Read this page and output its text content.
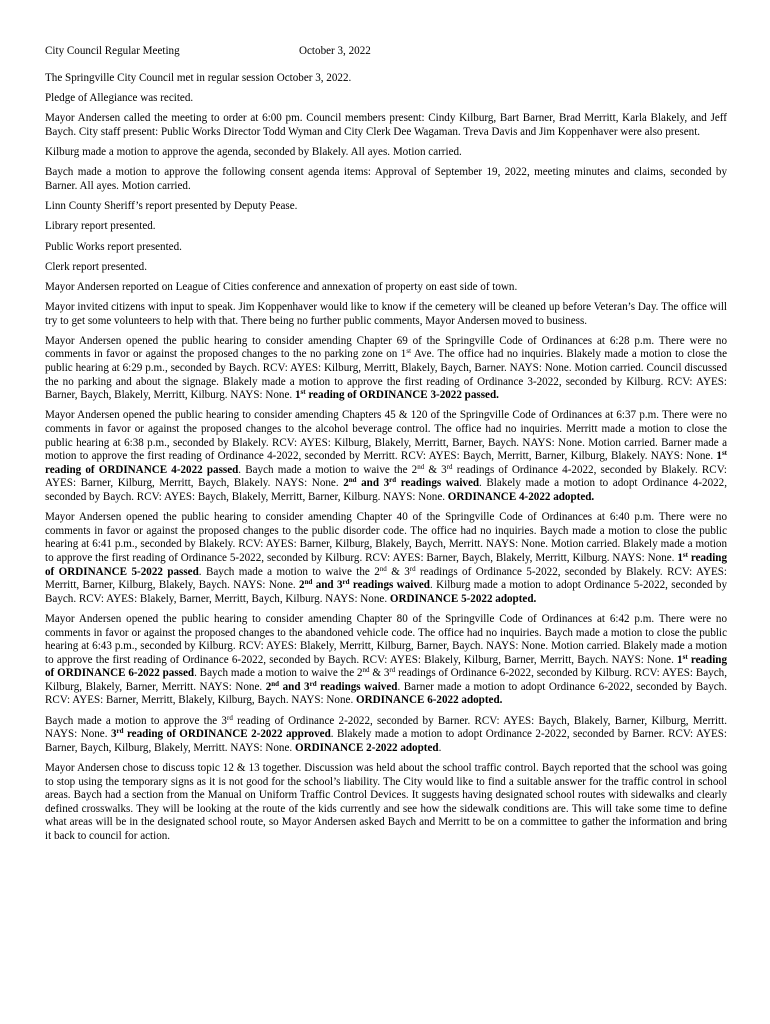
City Council Regular Meeting	October 3, 2022

The Springville City Council met in regular session October 3, 2022.

Pledge of Allegiance was recited.

Mayor Andersen called the meeting to order at 6:00 pm. Council members present: Cindy Kilburg, Bart Barner, Brad Merritt, Karla Blakely, and Jeff Baych. City staff present: Public Works Director Todd Wyman and City Clerk Dee Wagaman. Treva Davis and Jim Koppenhaver were also present.

Kilburg made a motion to approve the agenda, seconded by Blakely. All ayes. Motion carried.

Baych made a motion to approve the following consent agenda items: Approval of September 19, 2022, meeting minutes and claims, seconded by Barner. All ayes. Motion carried.

Linn County Sheriff’s report presented by Deputy Pease.

Library report presented.

Public Works report presented.

Clerk report presented.

Mayor Andersen reported on League of Cities conference and annexation of property on east side of town.

Mayor invited citizens with input to speak. Jim Koppenhaver would like to know if the cemetery will be cleaned up before Veteran’s Day. The office will try to get some volunteers to help with that. There being no further public comments, Mayor Andersen moved to business.

Mayor Andersen opened the public hearing to consider amending Chapter 69 of the Springville Code of Ordinances at 6:28 p.m. There were no comments in favor or against the proposed changes to the no parking zone on 1st Ave. The office had no inquiries. Blakely made a motion to close the public hearing at 6:29 p.m., seconded by Baych. RCV: AYES: Kilburg, Merritt, Blakely, Baych, Barner. NAYS: None. Motion carried. Council discussed the no parking and about the signage. Blakely made a motion to approve the first reading of Ordinance 3-2022, seconded by Kilburg. RCV: AYES: Barner, Baych, Blakely, Merritt, Kilburg. NAYS: None. 1st reading of ORDINANCE 3-2022 passed.

Mayor Andersen opened the public hearing to consider amending Chapters 45 & 120 of the Springville Code of Ordinances at 6:37 p.m. There were no comments in favor or against the proposed changes to the alcohol beverage control. The office had no inquiries. Merritt made a motion to close the public hearing at 6:38 p.m., seconded by Blakely. RCV: AYES: Kilburg, Blakely, Merritt, Barner, Baych. NAYS: None. Motion carried. Barner made a motion to approve the first reading of Ordinance 4-2022, seconded by Merritt. RCV: AYES: Baych, Merritt, Barner, Kilburg, Blakely. NAYS: None. 1st reading of ORDINANCE 4-2022 passed. Baych made a motion to waive the 2nd & 3rd readings of Ordinance 4-2022, seconded by Blakely. RCV: AYES: Barner, Kilburg, Merritt, Baych, Blakely. NAYS: None. 2nd and 3rd readings waived. Blakely made a motion to adopt Ordinance 4-2022, seconded by Baych. RCV: AYES: Baych, Blakely, Merritt, Barner, Kilburg. NAYS: None. ORDINANCE 4-2022 adopted.

Mayor Andersen opened the public hearing to consider amending Chapter 40 of the Springville Code of Ordinances at 6:40 p.m. There were no comments in favor or against the proposed changes to the public disorder code. The office had no inquiries. Baych made a motion to close the public hearing at 6:41 p.m., seconded by Blakely. RCV: AYES: Barner, Kilburg, Blakely, Baych, Merritt. NAYS: None. Motion carried. Blakely made a motion to approve the first reading of Ordinance 5-2022, seconded by Kilburg. RCV: AYES: Barner, Baych, Blakely, Merritt, Kilburg. NAYS: None. 1st reading of ORDINANCE 5-2022 passed. Baych made a motion to waive the 2nd & 3rd readings of Ordinance 5-2022, seconded by Blakely. RCV: AYES: Merritt, Barner, Kilburg, Blakely, Baych. NAYS: None. 2nd and 3rd readings waived. Kilburg made a motion to adopt Ordinance 5-2022, seconded by Baych. RCV: AYES: Blakely, Barner, Merritt, Baych, Kilburg. NAYS: None. ORDINANCE 5-2022 adopted.

Mayor Andersen opened the public hearing to consider amending Chapter 80 of the Springville Code of Ordinances at 6:42 p.m. There were no comments in favor or against the proposed changes to the abandoned vehicle code. The office had no inquiries. Baych made a motion to close the public hearing at 6:43 p.m., seconded by Kilburg. RCV: AYES: Blakely, Merritt, Kilburg, Barner, Baych. NAYS: None. Motion carried. Blakely made a motion to approve the first reading of Ordinance 6-2022, seconded by Baych. RCV: AYES: Blakely, Kilburg, Barner, Merritt, Baych. NAYS: None. 1st reading of ORDINANCE 6-2022 passed. Baych made a motion to waive the 2nd & 3rd readings of Ordinance 6-2022, seconded by Kilburg. RCV: AYES: Baych, Kilburg, Blakely, Barner, Merritt. NAYS: None. 2nd and 3rd readings waived. Barner made a motion to adopt Ordinance 6-2022, seconded by Baych. RCV: AYES: Barner, Merritt, Blakely, Kilburg, Baych. NAYS: None. ORDINANCE 6-2022 adopted.

Baych made a motion to approve the 3rd reading of Ordinance 2-2022, seconded by Barner. RCV: AYES: Baych, Blakely, Barner, Kilburg, Merritt. NAYS: None. 3rd reading of ORDINANCE 2-2022 approved. Blakely made a motion to adopt Ordinance 2-2022, seconded by Barner. RCV: AYES: Barner, Baych, Kilburg, Blakely, Merritt. NAYS: None. ORDINANCE 2-2022 adopted.

Mayor Andersen chose to discuss topic 12 & 13 together. Discussion was held about the school traffic control. Baych reported that the school was going to stop using the temporary signs as it is not good for the school’s liability. The City would like to find a suitable answer for the traffic control in school areas. Baych had a section from the Manual on Uniform Traffic Control Devices. It suggests having designated school routes with sidewalks and clearly defined crosswalks. They will be looking at the route of the kids currently and see how the sidewalk conditions are. This will take some time to define what areas will be in the designated school route, so Mayor Andersen asked Baych and Merritt to be on a committee to gather the information and bring it back to council for action.
